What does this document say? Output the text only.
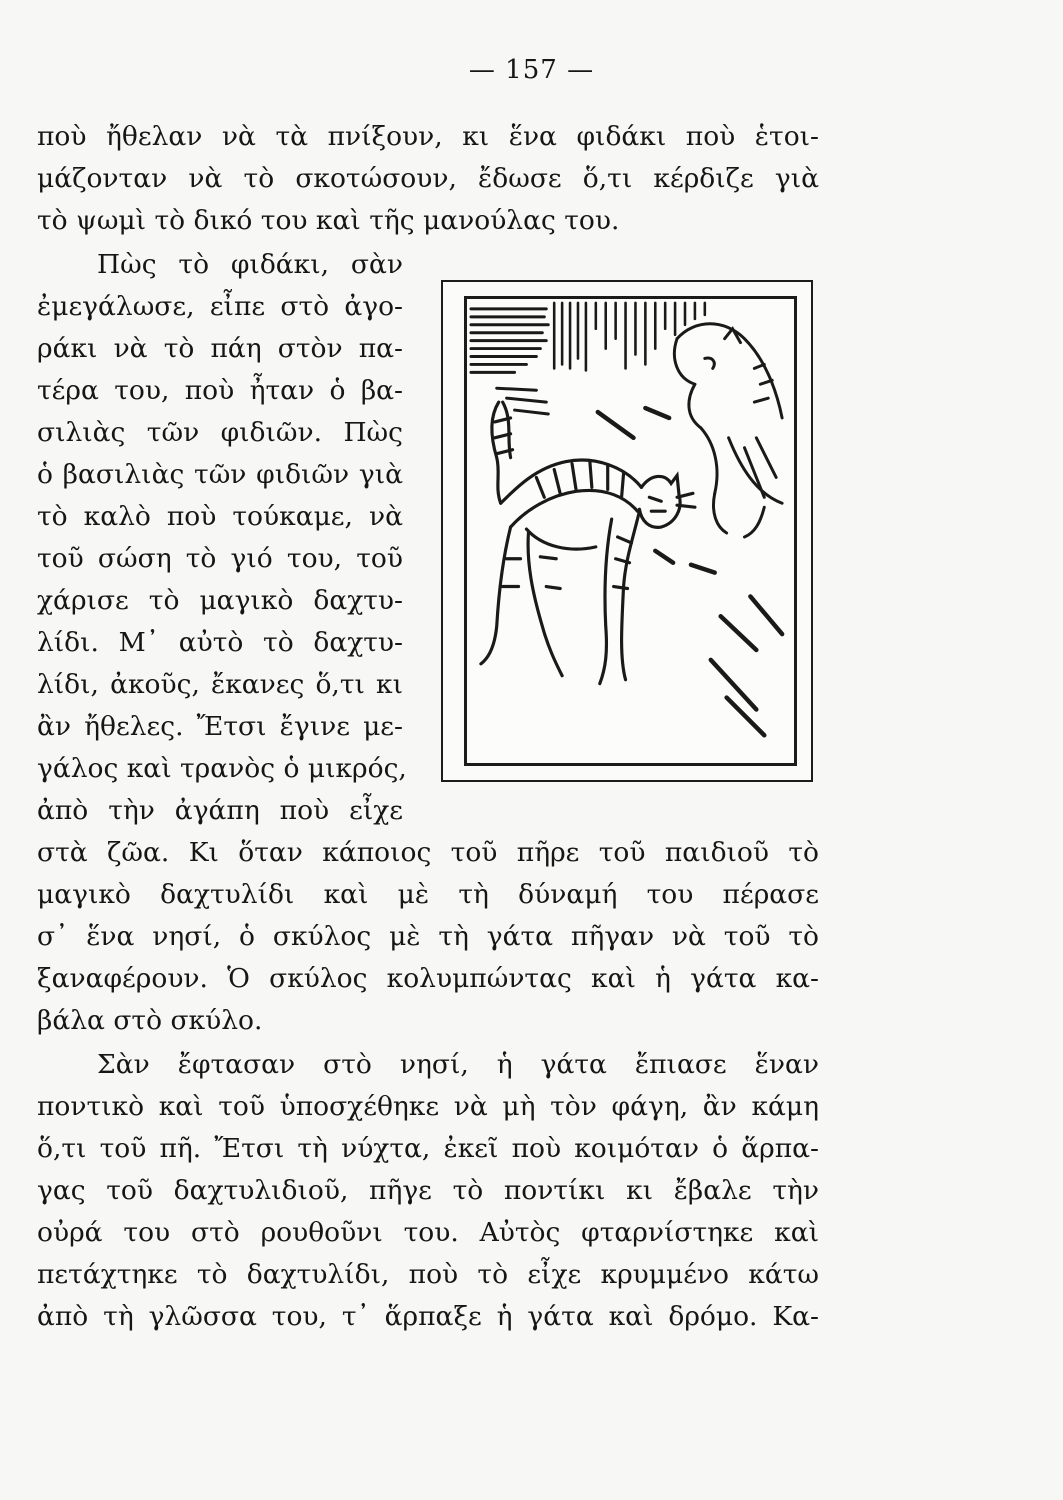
— 157 —
ποὺ ἤθελαν νὰ τὰ πνίξουν, κι ἕνα φιδάκι ποὺ ἑτοι-
μάζονταν νὰ τὸ σκοτώσουν, ἔδωσε ὅ,τι κέρδιζε γιὰ
τὸ ψωμὶ τὸ δικό του καὶ τῆς μανούλας του.
Πὼς τὸ φιδάκι, σὰν
ἐμεγάλωσε, εἶπε στὸ ἀγο-
ράκι νὰ τὸ πάη στὸν πα-
τέρα του, ποὺ ἦταν ὁ βα-
σιλιὰς τῶν φιδιῶν. Πὼς
ὁ βασιλιὰς τῶν φιδιῶν γιὰ
τὸ καλὸ ποὺ τούκαμε, νὰ
τοῦ σώση τὸ γιό του, τοῦ
χάρισε τὸ μαγικὸ δαχτυ-
λίδι. Μ᾽ αὐτὸ τὸ δαχτυ-
λίδι, ἀκοῦς, ἔκανες ὅ,τι κι
ἂν ἤθελες. Ἔτσι ἔγινε με-
γάλος καὶ τρανὸς ὁ μικρός,
ἀπὸ τὴν ἀγάπη ποὺ εἶχε
στὰ ζῶα. Κι ὅταν κάποιος τοῦ πῆρε τοῦ παιδιοῦ τὸ
μαγικὸ δαχτυλίδι καὶ μὲ τὴ δύναμή του πέρασε
σ᾽ ἕνα νησί, ὁ σκύλος μὲ τὴ γάτα πῆγαν νὰ τοῦ τὸ
ξαναφέρουν. Ὁ σκύλος κολυμπώντας καὶ ἡ γάτα κα-
βάλα στὸ σκύλο.
Σὰν ἔφτασαν στὸ νησί, ἡ γάτα ἔπιασε ἕναν
ποντικὸ καὶ τοῦ ὑποσχέθηκε νὰ μὴ τὸν φάγη, ἂν κάμη
ὅ,τι τοῦ πῆ. Ἔτσι τὴ νύχτα, ἐκεῖ ποὺ κοιμόταν ὁ ἅρπα-
γας τοῦ δαχτυλιδιοῦ, πῆγε τὸ ποντίκι κι ἔβαλε τὴν
οὐρά του στὸ ρουθοῦνι του. Αὐτὸς φταρνίστηκε καὶ
πετάχτηκε τὸ δαχτυλίδι, ποὺ τὸ εἶχε κρυμμένο κάτω
ἀπὸ τὴ γλῶσσα του, τ᾽ ἅρπαξε ἡ γάτα καὶ δρόμο. Κα-
